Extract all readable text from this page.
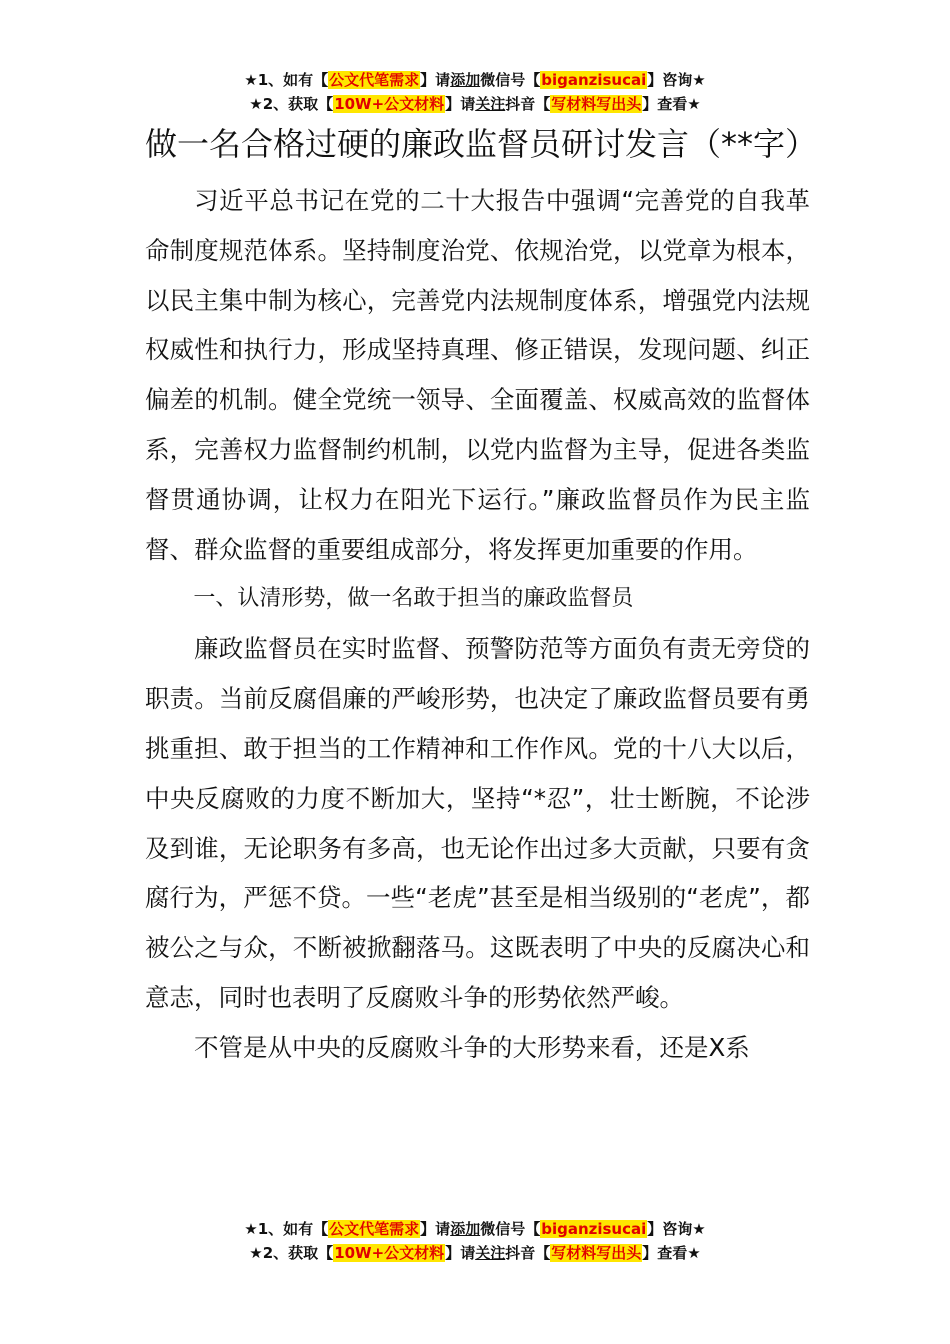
★1、如有【公文代笔需求】请添加微信号【biganzisucai】咨询★
★2、获取【10W+公文材料】请关注抖音【写材料写出头】查看★
做一名合格过硬的廉政监督员研讨发言（**字）

习近平总书记在党的二十大报告中强调“完善党的自我革命制度规范体系。坚持制度治党、依规治党，以党章为根本，以民主集中制为核心，完善党内法规制度体系，增强党内法规权威性和执行力，形成坚持真理、修正错误，发现问题、纠正偏差的机制。健全党统一领导、全面覆盖、权威高效的监督体系，完善权力监督制约机制，以党内监督为主导，促进各类监督贯通协调，让权力在阳光下运行。”廉政监督员作为民主监督、群众监督的重要组成部分，将发挥更加重要的作用。

一、认清形势，做一名敢于担当的廉政监督员

廉政监督员在实时监督、预警防范等方面负有责无旁贷的职责。当前反腐倡廉的严峻形势，也决定了廉政监督员要有勇挑重担、敢于担当的工作精神和工作作风。党的十八大以后，中央反腐败的力度不断加大，坚持“*忍”，壮士断腕，不论涉及到谁，无论职务有多高，也无论作出过多大贡献，只要有贪腐行为，严惩不贷。一些“老虎”甚至是相当级别的“老虎”，都被公之与众，不断被掀翻落马。这既表明了中央的反腐决心和意志，同时也表明了反腐败斗争的形势依然严峻。

不管是从中央的反腐败斗争的大形势来看，还是X系

★1、如有【公文代笔需求】请添加微信号【biganzisucai】咨询★
★2、获取【10W+公文材料】请关注抖音【写材料写出头】查看★
